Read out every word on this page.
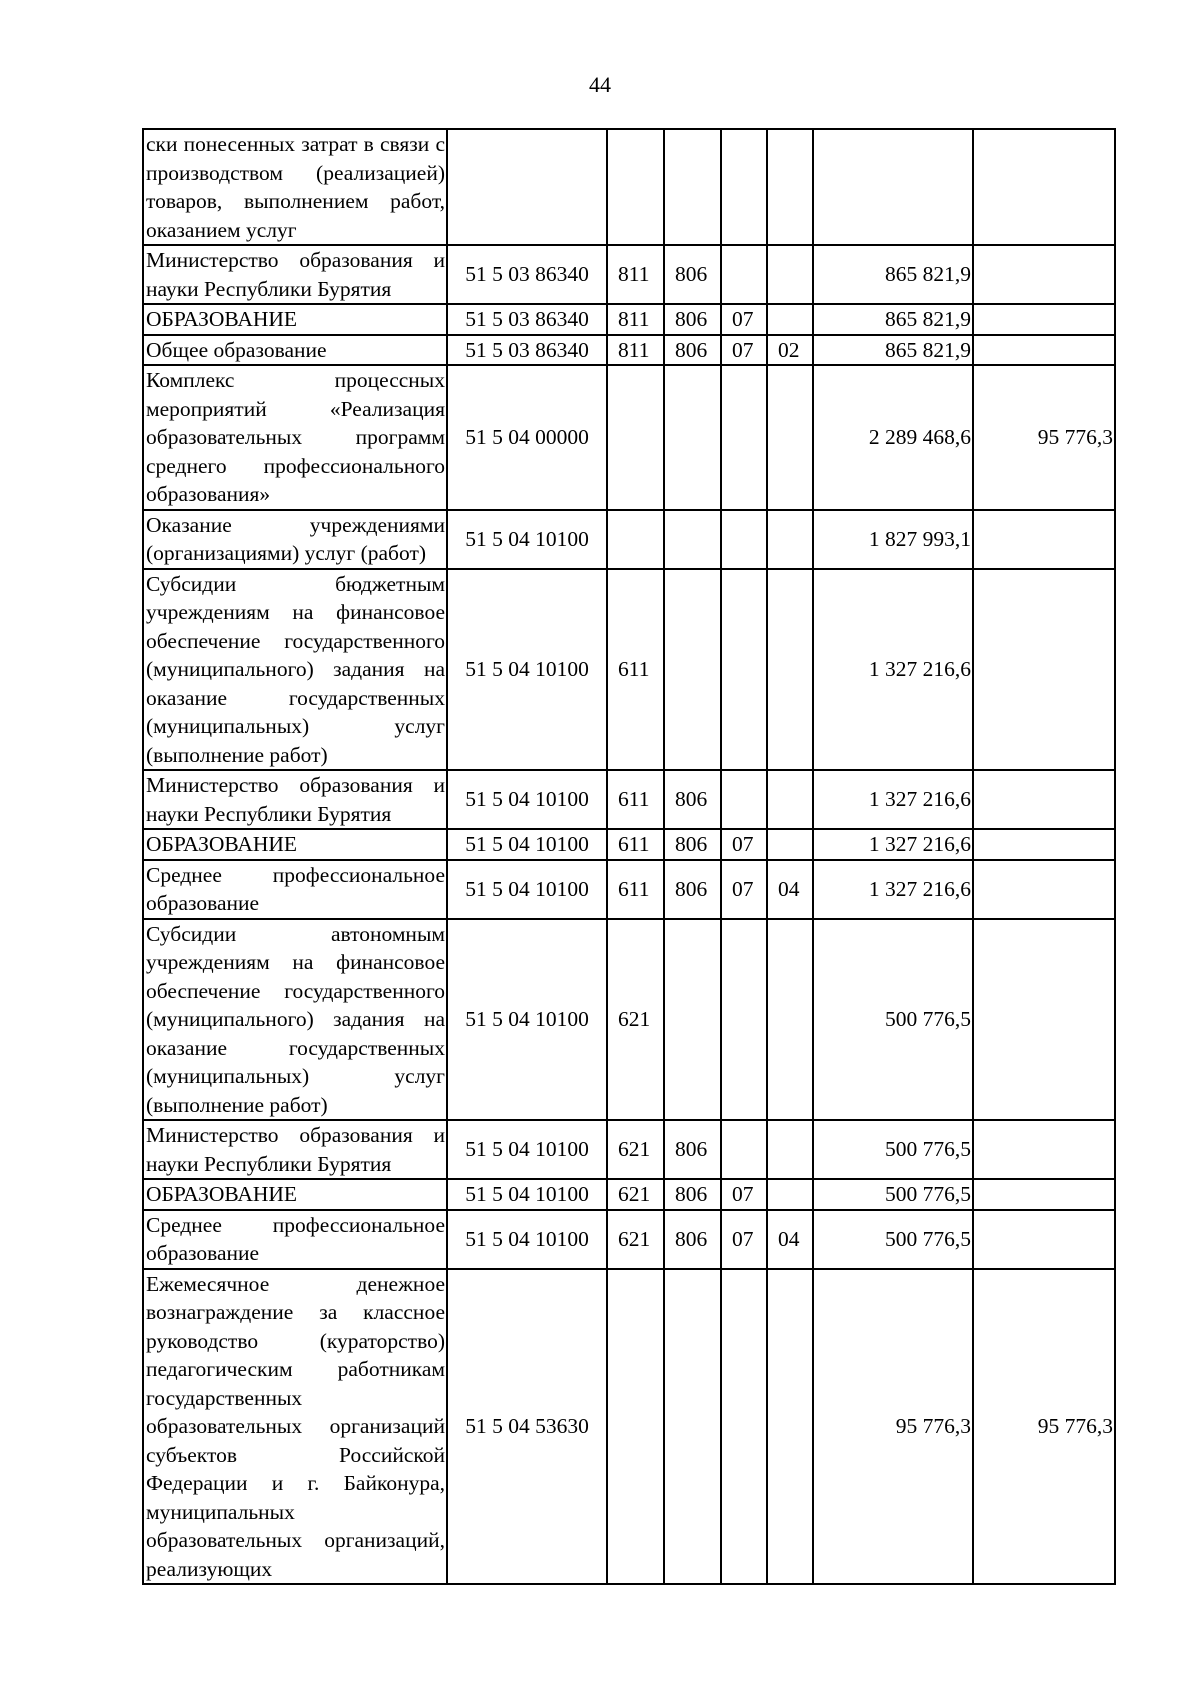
44
ски понесенных затрат в связи с производством (реализацией) товаров, выполнением работ, оказанием услуг							
Министерство образования и науки Республики Бурятия	51 5 03 86340	811	806			865 821,9	
ОБРАЗОВАНИЕ	51 5 03 86340	811	806	07		865 821,9	
Общее образование	51 5 03 86340	811	806	07	02	865 821,9	
Комплекс процессных мероприятий «Реализация образовательных программ среднего профессионального образования»	51 5 04 00000					2 289 468,6	95 776,3
Оказание учреждениями (организациями) услуг (работ)	51 5 04 10100					1 827 993,1	
Субсидии бюджетным учреждениям на финансовое обеспечение государственного (муниципального) задания на оказание государственных (муниципальных) услуг (выполнение работ)	51 5 04 10100	611				1 327 216,6	
Министерство образования и науки Республики Бурятия	51 5 04 10100	611	806			1 327 216,6	
ОБРАЗОВАНИЕ	51 5 04 10100	611	806	07		1 327 216,6	
Среднее профессиональное образование	51 5 04 10100	611	806	07	04	1 327 216,6	
Субсидии автономным учреждениям на финансовое обеспечение государственного (муниципального) задания на оказание государственных (муниципальных) услуг (выполнение работ)	51 5 04 10100	621				500 776,5	
Министерство образования и науки Республики Бурятия	51 5 04 10100	621	806			500 776,5	
ОБРАЗОВАНИЕ	51 5 04 10100	621	806	07		500 776,5	
Среднее профессиональное образование	51 5 04 10100	621	806	07	04	500 776,5	
Ежемесячное денежное вознаграждение за классное руководство (кураторство) педагогическим работникам государственных образовательных организаций субъектов Российской Федерации и г. Байконура, муниципальных образовательных организаций, реализующих	51 5 04 53630					95 776,3	95 776,3
